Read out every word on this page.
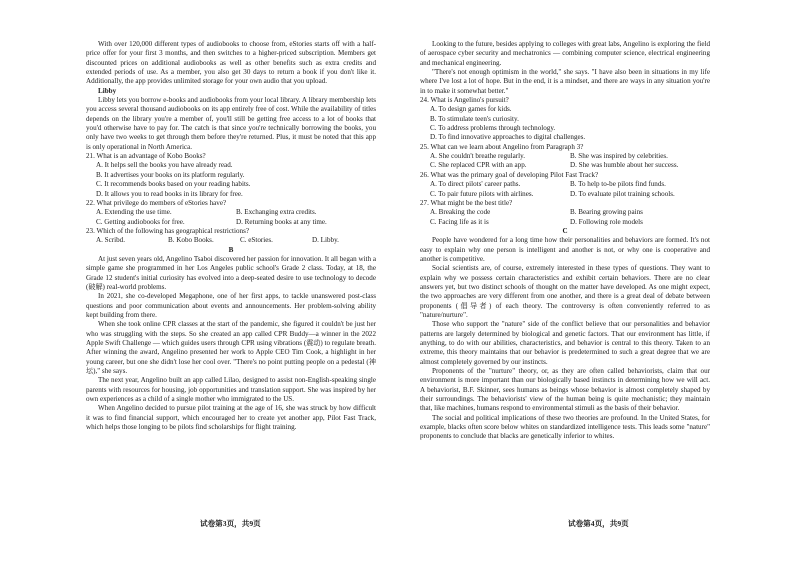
With over 120,000 different types of audiobooks to choose from, eStories starts off with a half-price offer for your first 3 months, and then switches to a higher-priced subscription. Members get discounted prices on additional audiobooks as well as other benefits such as extra credits and extended periods of use. As a member, you also get 30 days to return a book if you don't like it. Additionally, the app provides unlimited storage for your own audio that you upload.

Libby

Libby lets you borrow e-books and audiobooks from your local library. A library membership lets you access several thousand audiobooks on its app entirely free of cost. While the availability of titles depends on the library you're a member of, you'll still be getting free access to a lot of books that you'd otherwise have to pay for. The catch is that since you're technically borrowing the books, you only have two weeks to get through them before they're returned. Plus, it must be noted that this app is only operational in North America.

21. What is an advantage of Kobo Books?

A. It helps sell the books you have already read.
B. It advertises your books on its platform regularly.
C. It recommends books based on your reading habits.
D. It allows you to read books in its library for free.

22. What privilege do members of eStories have?

A. Extending the use time.	B. Exchanging extra credits.
C. Getting audiobooks for free.	D. Returning books at any time.

23. Which of the following has geographical restrictions?

A. Scribd.	B. Kobo Books.	C. eStories.	D. Libby.

B

At just seven years old, Angelino Tsaboi discovered her passion for innovation. It all began with a simple game she programmed in her Los Angeles public school's Grade 2 class. Today, at 18, the Grade 12 student's initial curiosity has evolved into a deep-seated desire to use technology to decode (破解) real-world problems.

In 2021, she co-developed Megaphone, one of her first apps, to tackle unanswered post-class questions and poor communication about events and announcements. Her problem-solving ability kept building from there.

When she took online CPR classes at the start of the pandemic, she figured it couldn't be just her who was struggling with the steps. So she created an app called CPR Buddy—a winner in the 2022 Apple Swift Challenge — which guides users through CPR using vibrations (震动) to regulate breath. After winning the award, Angelino presented her work to Apple CEO Tim Cook, a highlight in her young career, but one she didn't lose her cool over. "There's no point putting people on a pedestal (神坛)," she says.

The next year, Angelino built an app called Lilao, designed to assist non-English-speaking single parents with resources for housing, job opportunities and translation support. She was inspired by her own experiences as a child of a single mother who immigrated to the US.

When Angelino decided to pursue pilot training at the age of 16, she was struck by how difficult it was to find financial support, which encouraged her to create yet another app, Pilot Fast Track, which helps those longing to be pilots find scholarships for flight training.

Looking to the future, besides applying to colleges with great labs, Angelino is exploring the field of aerospace cyber security and mechatronics — combining computer science, electrical engineering and mechanical engineering.

"There's not enough optimism in the world," she says. "I have also been in situations in my life where I've lost a lot of hope. But in the end, it is a mindset, and there are ways in any situation you're in to make it somewhat better."

24. What is Angelino's pursuit?

A. To design games for kids.
B. To stimulate teen's curiosity.
C. To address problems through technology.
D. To find innovative approaches to digital challenges.

25. What can we learn about Angelino from Paragraph 3?

A. She couldn't breathe regularly.	B. She was inspired by celebrities.
C. She replaced CPR with an app.	D. She was humble about her success.

26. What was the primary goal of developing Pilot Fast Track?

A. To direct pilots' career paths.	B. To help to-be pilots find funds.
C. To pair future pilots with airlines.	D. To evaluate pilot training schools.

27. What might be the best title?

A. Breaking the code	B. Bearing growing pains
C. Facing life as it is	D. Following role models

C

People have wondered for a long time how their personalities and behaviors are formed. It's not easy to explain why one person is intelligent and another is not, or why one is cooperative and another is competitive.

Social scientists are, of course, extremely interested in these types of questions. They want to explain why we possess certain characteristics and exhibit certain behaviors. There are no clear answers yet, but two distinct schools of thought on the matter have developed. As one might expect, the two approaches are very different from one another, and there is a great deal of debate between proponents (倡导者) of each theory. The controversy is often conveniently referred to as "nature/nurture".

Those who support the "nature" side of the conflict believe that our personalities and behavior patterns are largely determined by biological and genetic factors. That our environment has little, if anything, to do with our abilities, characteristics, and behavior is central to this theory. Taken to an extreme, this theory maintains that our behavior is predetermined to such a great degree that we are almost completely governed by our instincts.

Proponents of the "nurture" theory, or, as they are often called behaviorists, claim that our environment is more important than our biologically based instincts in determining how we will act. A behaviorist, B.F. Skinner, sees humans as beings whose behavior is almost completely shaped by their surroundings. The behaviorists' view of the human being is quite mechanistic; they maintain that, like machines, humans respond to environmental stimuli as the basis of their behavior.

The social and political implications of these two theories are profound. In the United States, for example, blacks often score below whites on standardized intelligence tests. This leads some "nature" proponents to conclude that blacks are genetically inferior to whites.

试卷第3页，共9页	试卷第4页，共9页
